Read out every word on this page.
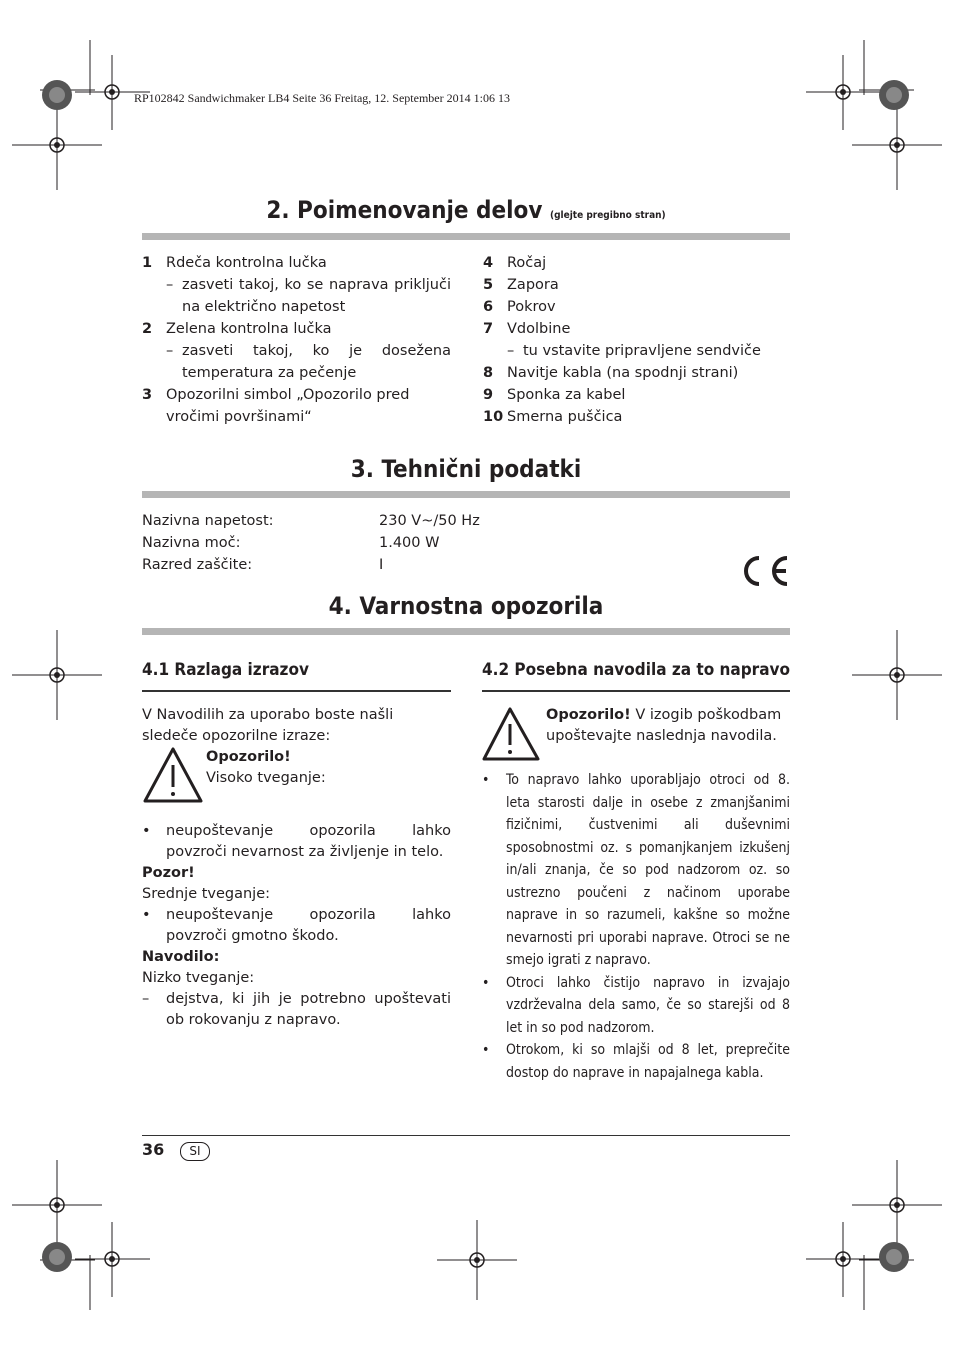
RP102842 Sandwichmaker LB4 Seite 36 Freitag, 12. September 2014 1:06 13
2. Poimenovanje delov (glejte pregibno stran)
1 Rdeča kontrolna lučka
– zasveti takoj, ko se naprava priključi na električno napetost
2 Zelena kontrolna lučka
– zasveti takoj, ko je dosežena temperatura za pečenje
3 Opozorilni simbol „Opozorilo pred vročimi površinami“
4 Ročaj
5 Zapora
6 Pokrov
7 Vdolbine
– tu vstavite pripravljene sendviče
8 Navitje kabla (na spodnji strani)
9 Sponka za kabel
10 Smerna puščica
3. Tehnični podatki
Nazivna napetost:	230 V~/50 Hz
Nazivna moč:	1.400 W
Razred zaščite:	I
4. Varnostna opozorila
4.1 Razlaga izrazov
V Navodilih za uporabo boste našli sledeče opozorilne izraze:
Opozorilo!
Visoko tveganje:
•	neupoštevanje opozorila lahko povzroči nevarnost za življenje in telo.
Pozor!
Srednje tveganje:
•	neupoštevanje opozorila lahko povzroči gmotno škodo.
Navodilo:
Nizko tveganje:
–	dejstva, ki jih je potrebno upoštevati ob rokovanju z napravo.
4.2 Posebna navodila za to napravo
Opozorilo! V izogib poškodbam upoštevajte naslednja navodila.
•	To napravo lahko uporabljajo otroci od 8. leta starosti dalje in osebe z zmanjšanimi fizičnimi, čustvenimi ali duševnimi sposobnostmi oz. s pomanjkanjem izkušenj in/ali znanja, če so pod nadzorom oz. so ustrezno poučeni z načinom uporabe naprave in so razumeli, kakšne so možne nevarnosti pri uporabi naprave. Otroci se ne smejo igrati z napravo.
•	Otroci lahko čistijo napravo in izvajajo vzdrževalna dela samo, če so starejši od 8 let in so pod nadzorom.
•	Otrokom, ki so mlajši od 8 let, preprečite dostop do naprave in napajalnega kabla.
36	SI
